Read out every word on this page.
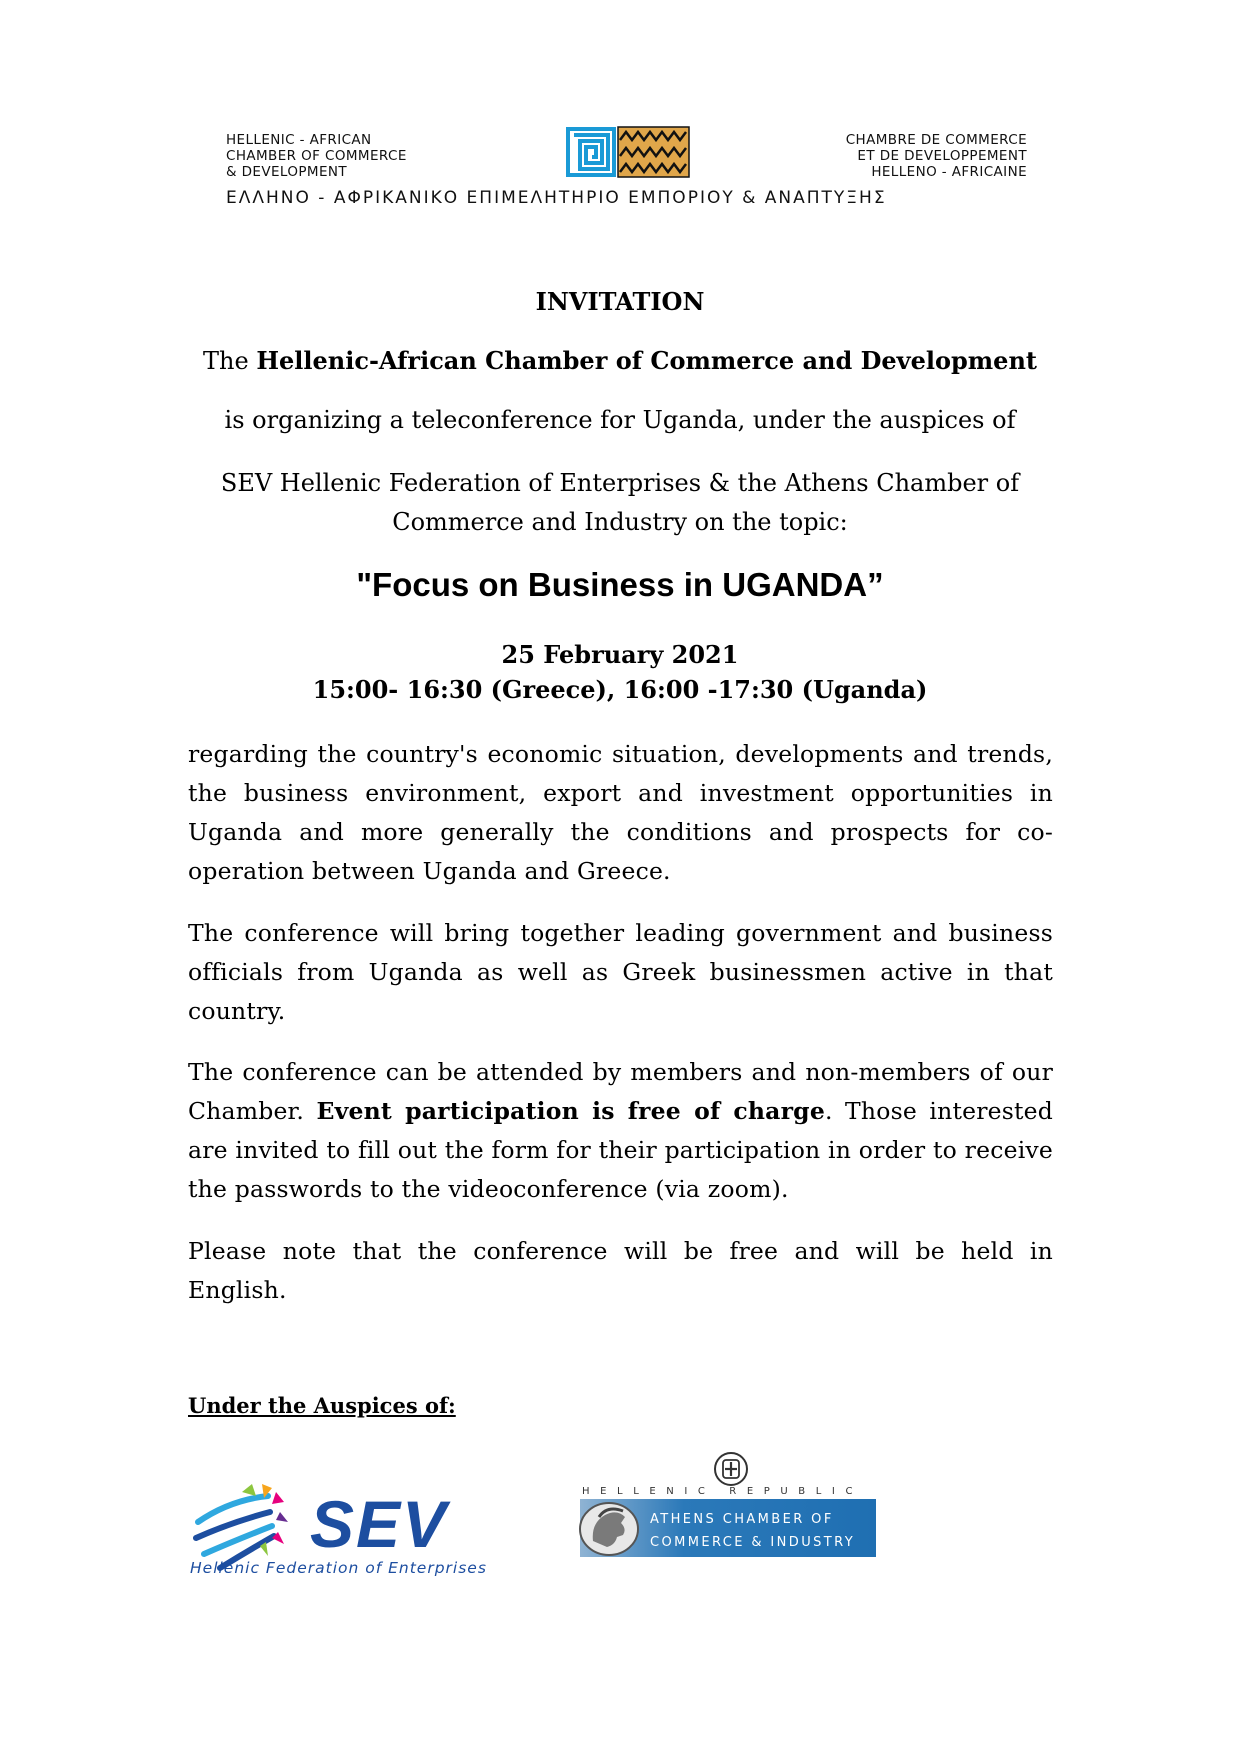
HELLENIC - AFRICAN
CHAMBER OF COMMERCE
& DEVELOPMENT
CHAMBRE DE COMMERCE
ET DE DEVELOPPEMENT
HELLENO - AFRICAINE
ΕΛΛΗΝΟ - ΑΦΡΙΚΑΝΙΚΟ ΕΠΙΜΕΛΗΤΗΡΙΟ ΕΜΠΟΡΙΟΥ & ΑΝΑΠΤΥΞΗΣ
INVITATION
The Hellenic-African Chamber of Commerce and Development
is organizing a teleconference for Uganda, under the auspices of
SEV Hellenic Federation of Enterprises & the Athens Chamber of
Commerce and Industry on the topic:
"Focus on Business in UGANDA”
25 February 2021
15:00- 16:30 (Greece), 16:00 -17:30 (Uganda)
regarding the country's economic situation, developments and trends, the business environment, export and investment opportunities in Uganda and more generally the conditions and prospects for co-operation between Uganda and Greece.
The conference will bring together leading government and business officials from Uganda as well as Greek businessmen active in that country.
The conference can be attended by members and non-members of our Chamber. Event participation is free of charge. Those interested are invited to fill out the form for their participation in order to receive the passwords to the videoconference (via zoom).
Please note that the conference will be free and will be held in English.
Under the Auspices of:
SEV
Hellenic Federation of Enterprises
HELLENIC REPUBLIC
ATHENS CHAMBER OF
COMMERCE & INDUSTRY
